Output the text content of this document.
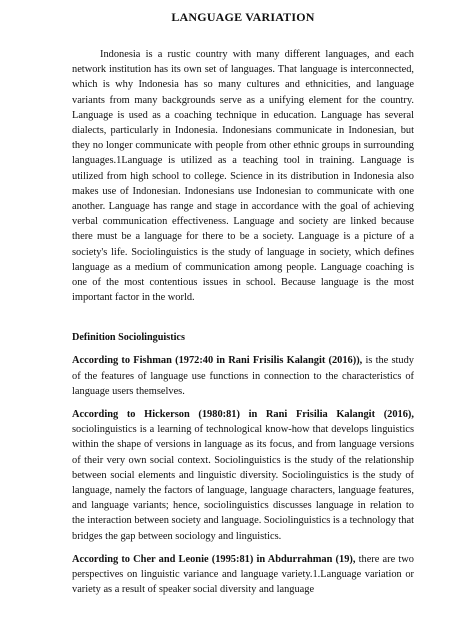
LANGUAGE VARIATION

Indonesia is a rustic country with many different languages, and each network institution has its own set of languages. That language is interconnected, which is why Indonesia has so many cultures and ethnicities, and language variants from many backgrounds serve as a unifying element for the country. Language is used as a coaching technique in education. Language has several dialects, particularly in Indonesia. Indonesians communicate in Indonesian, but they no longer communicate with people from other ethnic groups in surrounding languages.1Language is utilized as a teaching tool in training. Language is utilized from high school to college. Science in its distribution in Indonesia also makes use of Indonesian. Indonesians use Indonesian to communicate with one another. Language has range and stage in accordance with the goal of achieving verbal communication effectiveness. Language and society are linked because there must be a language for there to be a society. Language is a picture of a society's life. Sociolinguistics is the study of language in society, which defines language as a medium of communication among people. Language coaching is one of the most contentious issues in school. Because language is the most important factor in the world.

Definition Sociolinguistics

According to Fishman (1972:40 in Rani Frisilis Kalangit (2016)), is the study of the features of language use functions in connection to the characteristics of language users themselves.

According to Hickerson (1980:81) in Rani Frisilia Kalangit (2016), sociolinguistics is a learning of technological know-how that develops linguistics within the shape of versions in language as its focus, and from language versions of their very own social context. Sociolinguistics is the study of the relationship between social elements and linguistic diversity. Sociolinguistics is the study of language, namely the factors of language, language characters, language features, and language variants; hence, sociolinguistics discusses language in relation to the interaction between society and language. Sociolinguistics is a technology that bridges the gap between sociology and linguistics.

According to Cher and Leonie (1995:81) in Abdurrahman (19), there are two perspectives on linguistic variance and language variety.1.Language variation or variety as a result of speaker social diversity and language
